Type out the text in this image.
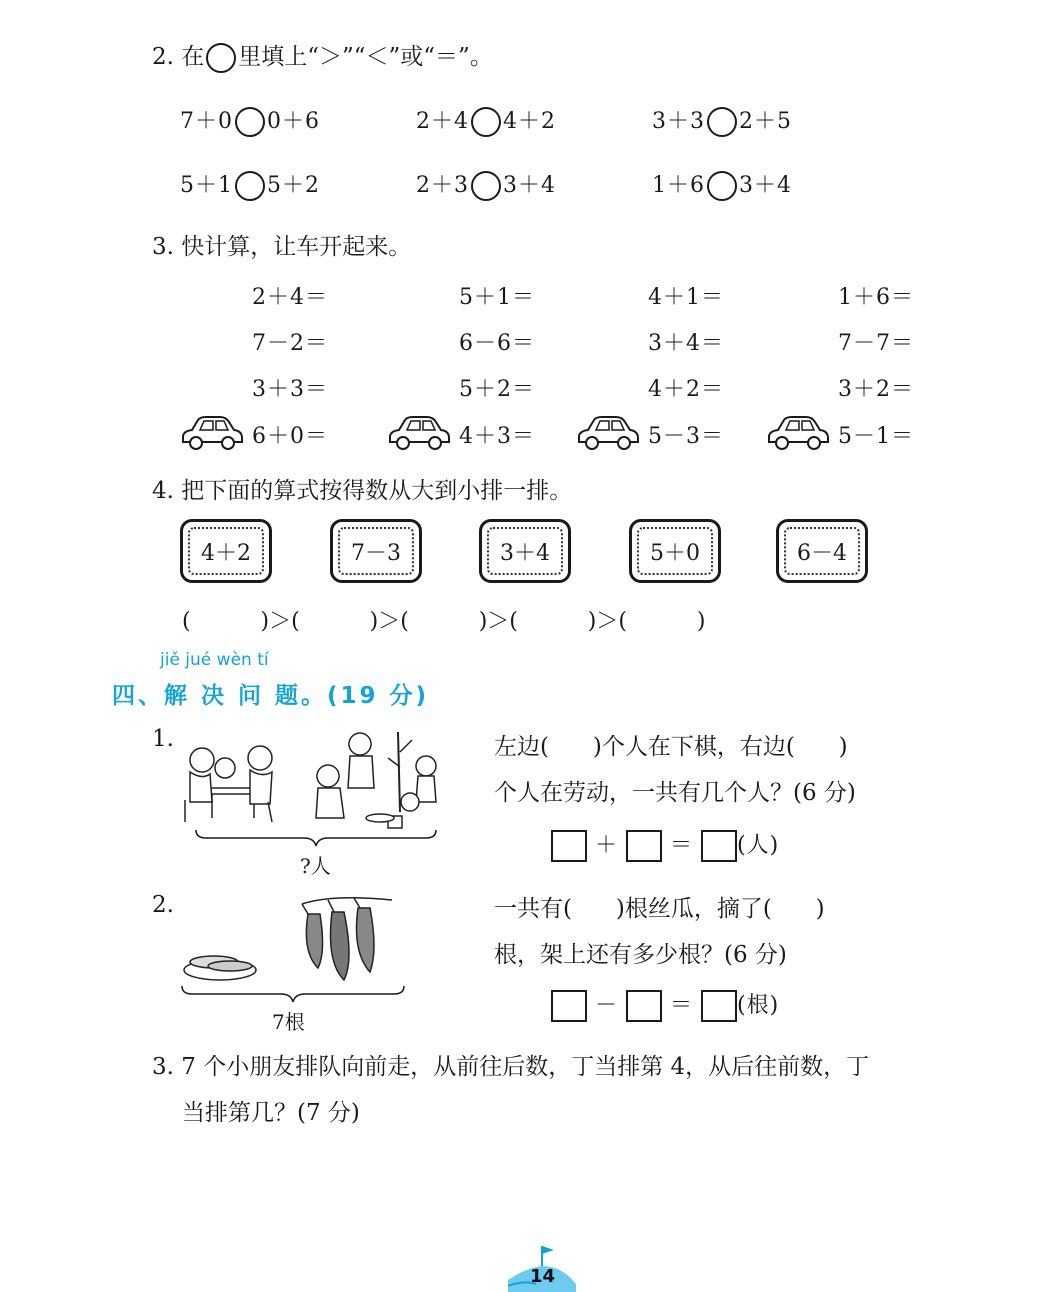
2. 在 里填上“＞”“＜”或“＝”。
7＋0 0＋6	2＋4 4＋2	3＋3 2＋5
5＋1 5＋2	2＋3 3＋4	1＋6 3＋4
3. 快计算，让车开起来。
2＋4＝	5＋1＝	4＋1＝	1＋6＝
7－2＝	6－6＝	3＋4＝	7－7＝
3＋3＝	5＋2＝	4＋2＝	3＋2＝
6＋0＝	4＋3＝	5－3＝	5－1＝
4. 把下面的算式按得数从大到小排一排。
4＋2	7－3	3＋4	5＋0	6－4
(          )＞(          )＞(          )＞(          )＞(          )
jiě jué wèn tí
四、解 决 问 题。(19 分)
1.
?人
左边(      )个人在下棋，右边(      )
个人在劳动，一共有几个人？(6 分)
＋ ＝ (人)
2.
7根
一共有(      )根丝瓜，摘了(      )
根，架上还有多少根？(6 分)
－ ＝ (根)
3. 7 个小朋友排队向前走，从前往后数，丁当排第 4，从后往前数，丁
当排第几？(7 分)
14
